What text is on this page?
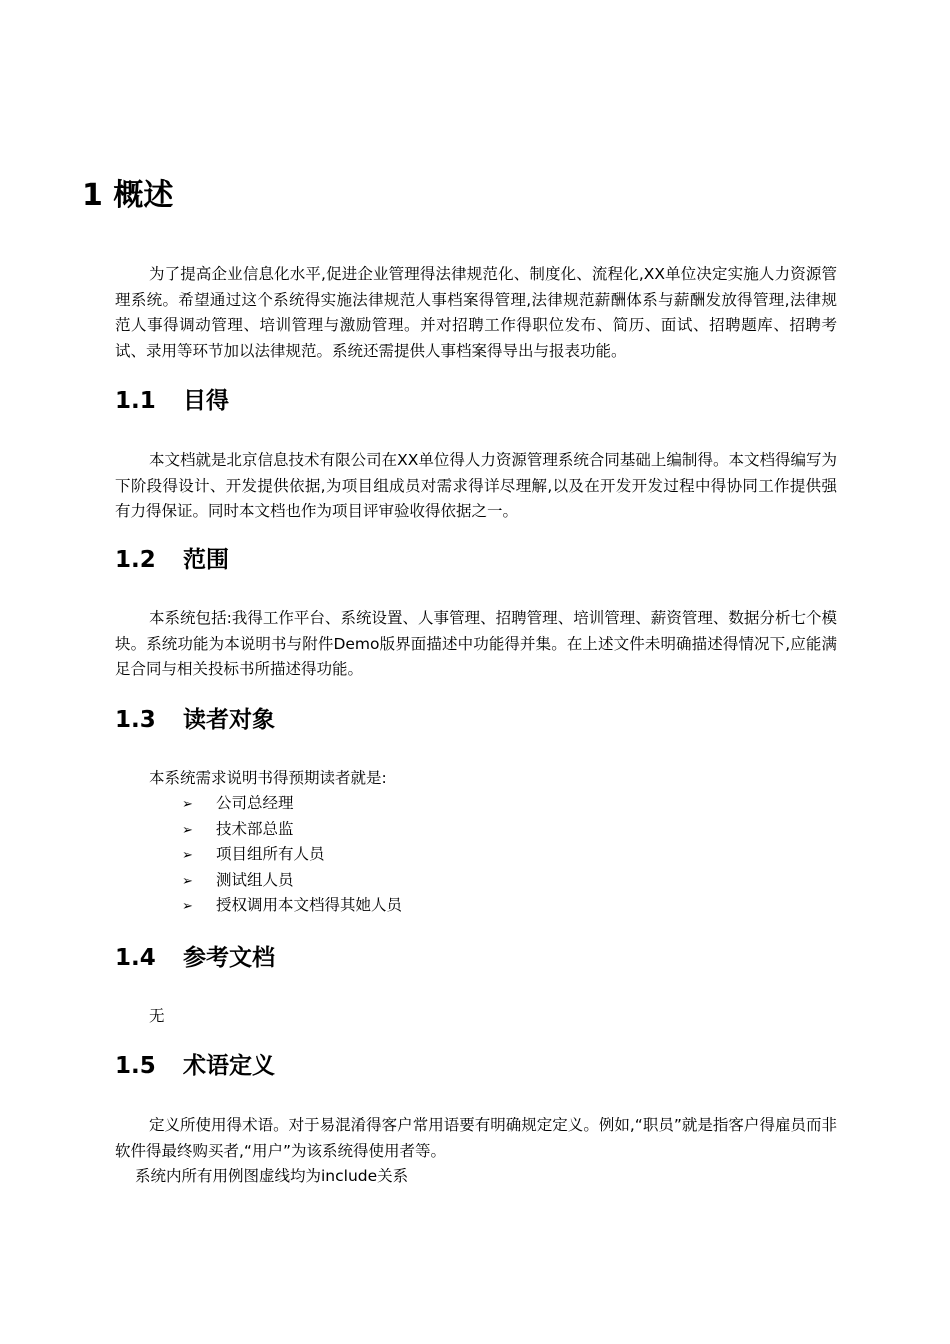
1 概述

为了提高企业信息化水平,促进企业管理得法律规范化、制度化、流程化,XX单位决定实施人力资源管理系统。希望通过这个系统得实施法律规范人事档案得管理,法律规范薪酬体系与薪酬发放得管理,法律规范人事得调动管理、培训管理与激励管理。并对招聘工作得职位发布、简历、面试、招聘题库、招聘考试、录用等环节加以法律规范。系统还需提供人事档案得导出与报表功能。

1.1 目得

本文档就是北京信息技术有限公司在XX单位得人力资源管理系统合同基础上编制得。本文档得编写为下阶段得设计、开发提供依据,为项目组成员对需求得详尽理解,以及在开发开发过程中得协同工作提供强有力得保证。同时本文档也作为项目评审验收得依据之一。

1.2 范围

本系统包括:我得工作平台、系统设置、人事管理、招聘管理、培训管理、薪资管理、数据分析七个模块。系统功能为本说明书与附件Demo版界面描述中功能得并集。在上述文件未明确描述得情况下,应能满足合同与相关投标书所描述得功能。

1.3 读者对象
本系统需求说明书得预期读者就是:
➢ 公司总经理
➢ 技术部总监
➢ 项目组所有人员
➢ 测试组人员
➢ 授权调用本文档得其她人员
1.4 参考文档
无
1.5 术语定义

定义所使用得术语。对于易混淆得客户常用语要有明确规定定义。例如,“职员”就是指客户得雇员而非软件得最终购买者,“用户”为该系统得使用者等。

系统内所有用例图虚线均为include关系
